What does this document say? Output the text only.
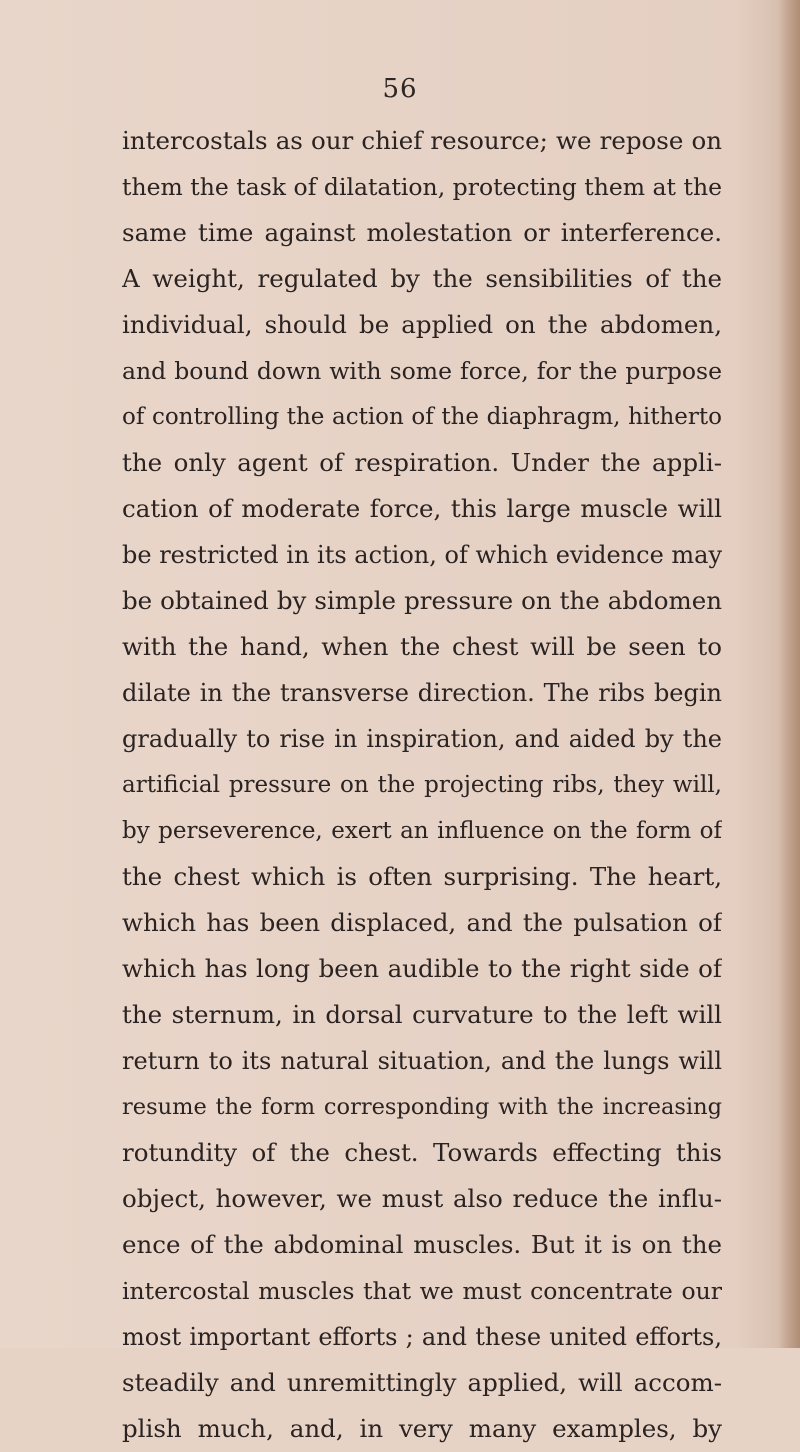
56
intercostals as our chief resource; we repose on
them the task of dilatation, protecting them at the
same time against molestation or interference.
A weight, regulated by the sensibilities of the
individual, should be applied on the abdomen,
and bound down with some force, for the purpose
of controlling the action of the diaphragm, hitherto
the only agent of respiration. Under the appli-
cation of moderate force, this large muscle will
be restricted in its action, of which evidence may
be obtained by simple pressure on the abdomen
with the hand, when the chest will be seen to
dilate in the transverse direction. The ribs begin
gradually to rise in inspiration, and aided by the
artificial pressure on the projecting ribs, they will,
by perseverence, exert an influence on the form of
the chest which is often surprising. The heart,
which has been displaced, and the pulsation of
which has long been audible to the right side of
the sternum, in dorsal curvature to the left will
return to its natural situation, and the lungs will
resume the form corresponding with the increasing
rotundity of the chest. Towards effecting this
object, however, we must also reduce the influ-
ence of the abdominal muscles. But it is on the
intercostal muscles that we must concentrate our
most important efforts ; and these united efforts,
steadily and unremittingly applied, will accom-
plish much, and, in very many examples, by
